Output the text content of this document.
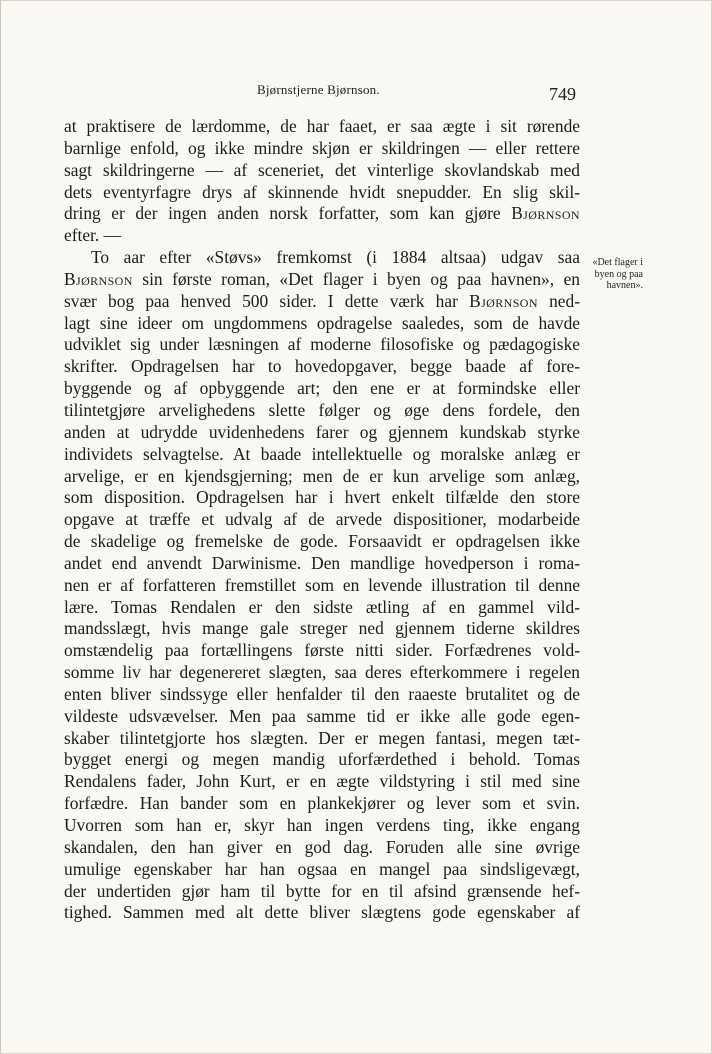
Bjørnstjerne Bjørnson.	749
at praktisere de lærdomme, de har faaet, er saa ægte i sit rørende
barnlige enfold, og ikke mindre skjøn er skildringen — eller rettere
sagt skildringerne — af sceneriet, det vinterlige skovlandskab med
dets eventyrfagre drys af skinnende hvidt snepudder. En slig skil-
dring er der ingen anden norsk forfatter, som kan gjøre Bjørnson
efter. —
To aar efter «Støvs» fremkomst (i 1884 altsaa) udgav saa
Bjørnson sin første roman, «Det flager i byen og paa havnen», en
svær bog paa henved 500 sider. I dette værk har Bjørnson ned-
lagt sine ideer om ungdommens opdragelse saaledes, som de havde
udviklet sig under læsningen af moderne filosofiske og pædagogiske
skrifter. Opdragelsen har to hovedopgaver, begge baade af fore-
byggende og af opbyggende art; den ene er at formindske eller
tilintetgjøre arvelighedens slette følger og øge dens fordele, den
anden at udrydde uvidenhedens farer og gjennem kundskab styrke
individets selvagtelse. At baade intellektuelle og moralske anlæg er
arvelige, er en kjendsgjerning; men de er kun arvelige som anlæg,
som disposition. Opdragelsen har i hvert enkelt tilfælde den store
opgave at træffe et udvalg af de arvede dispositioner, modarbeide
de skadelige og fremelske de gode. Forsaavidt er opdragelsen ikke
andet end anvendt Darwinisme. Den mandlige hovedperson i roma-
nen er af forfatteren fremstillet som en levende illustration til denne
lære. Tomas Rendalen er den sidste ætling af en gammel vild-
mandsslægt, hvis mange gale streger ned gjennem tiderne skildres
omstændelig paa fortællingens første nitti sider. Forfædrenes vold-
somme liv har degenereret slægten, saa deres efterkommere i regelen
enten bliver sindssyge eller henfalder til den raaeste brutalitet og de
vildeste udsvævelser. Men paa samme tid er ikke alle gode egen-
skaber tilintetgjorte hos slægten. Der er megen fantasi, megen tæt-
bygget energi og megen mandig uforfærdethed i behold. Tomas
Rendalens fader, John Kurt, er en ægte vildstyring i stil med sine
forfædre. Han bander som en plankekjører og lever som et svin.
Uvorren som han er, skyr han ingen verdens ting, ikke engang
skandalen, den han giver en god dag. Foruden alle sine øvrige
umulige egenskaber har han ogsaa en mangel paa sindsligevægt,
der undertiden gjør ham til bytte for en til afsind grænsende hef-
tighed. Sammen med alt dette bliver slægtens gode egenskaber af
«Det flager i
byen og paa
havnen».
